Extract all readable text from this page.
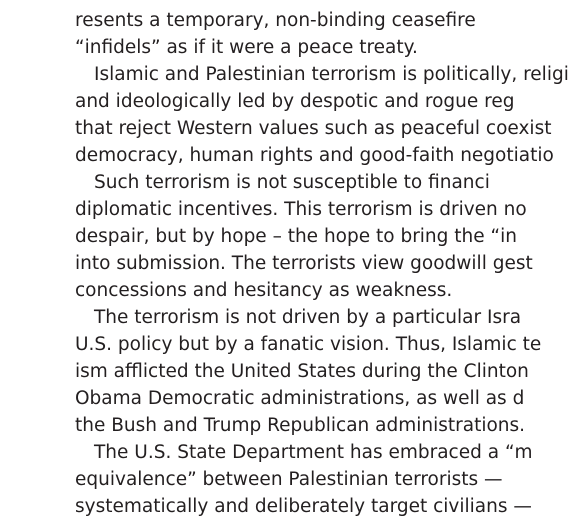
resents a temporary, non-binding ceasefire
“infidels” as if it were a peace treaty.
Islamic and Palestinian terrorism is politically, religi
and ideologically led by despotic and rogue reg
that reject Western values such as peaceful coexist
democracy, human rights and good-faith negotiatio
Such terrorism is not susceptible to financi
diplomatic incentives. This terrorism is driven no
despair, but by hope – the hope to bring the “in
into submission. The terrorists view goodwill gest
concessions and hesitancy as weakness.
The terrorism is not driven by a particular Isra
U.S. policy but by a fanatic vision. Thus, Islamic te
ism afflicted the United States during the Clinton
Obama Democratic administrations, as well as d
the Bush and Trump Republican administrations.
The U.S. State Department has embraced a “m
equivalence” between Palestinian terrorists —
systematically and deliberately target civilians —
